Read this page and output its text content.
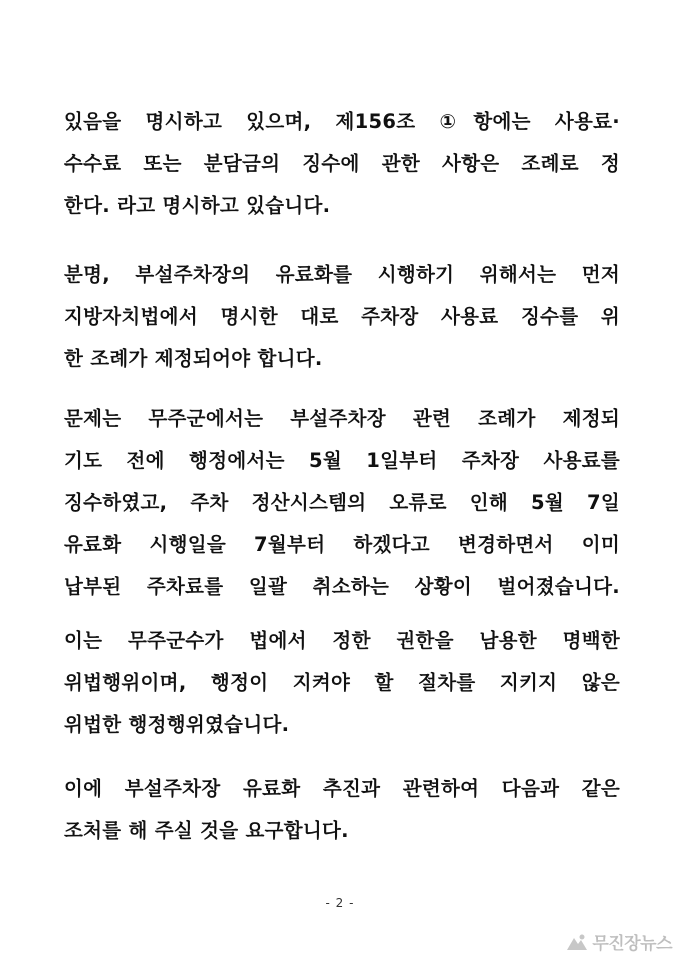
있음을 명시하고 있으며, 제156조 ①항에는 사용료·
수수료 또는 분담금의 징수에 관한 사항은 조례로 정
한다. 라고 명시하고 있습니다.
분명, 부설주차장의 유료화를 시행하기 위해서는 먼저
지방자치법에서 명시한 대로 주차장 사용료 징수를 위
한 조례가 제정되어야 합니다.
문제는 무주군에서는 부설주차장 관련 조례가 제정되
기도 전에 행정에서는 5월 1일부터 주차장 사용료를
징수하였고, 주차 정산시스템의 오류로 인해 5월 7일
유료화 시행일을 7월부터 하겠다고 변경하면서 이미
납부된 주차료를 일괄 취소하는 상황이 벌어졌습니다.
이는 무주군수가 법에서 정한 권한을 남용한 명백한
위법행위이며, 행정이 지켜야 할 절차를 지키지 않은
위법한 행정행위였습니다.
이에 부설주차장 유료화 추진과 관련하여 다음과 같은
조처를 해 주실 것을 요구합니다.
- 2 -
무진장뉴스
